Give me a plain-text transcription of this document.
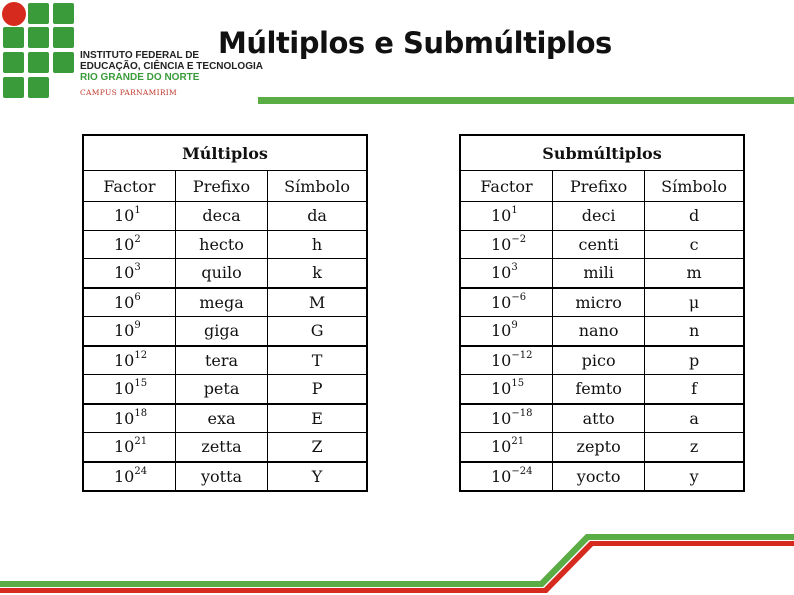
INSTITUTO FEDERAL DE
EDUCAÇÃO, CIÊNCIA E TECNOLOGIA
RIO GRANDE DO NORTE
CAMPUS PARNAMIRIM
Múltiplos e Submúltiplos
Múltiplos		
Factor	Prefixo	Símbolo
$10^1$	deca	da
$10^2$	hecto	h
$10^3$	quilo	k
$10^6$	mega	M
$10^9$	giga	G
$10^{12}$	tera	T
$10^{15}$	peta	P
$10^{18}$	exa	E
$10^{21}$	zetta	Z
$10^{24}$	yotta	Y
Submúltiplos		
Factor	Prefixo	Símbolo
$10^1$	deci	d
$10^{-2}$	centi	c
$10^3$	mili	m
$10^{-6}$	micro	μ
$10^9$	nano	n
$10^{-12}$	pico	p
$10^{15}$	femto	f
$10^{-18}$	atto	a
$10^{21}$	zepto	z
$10^{-24}$	yocto	y
